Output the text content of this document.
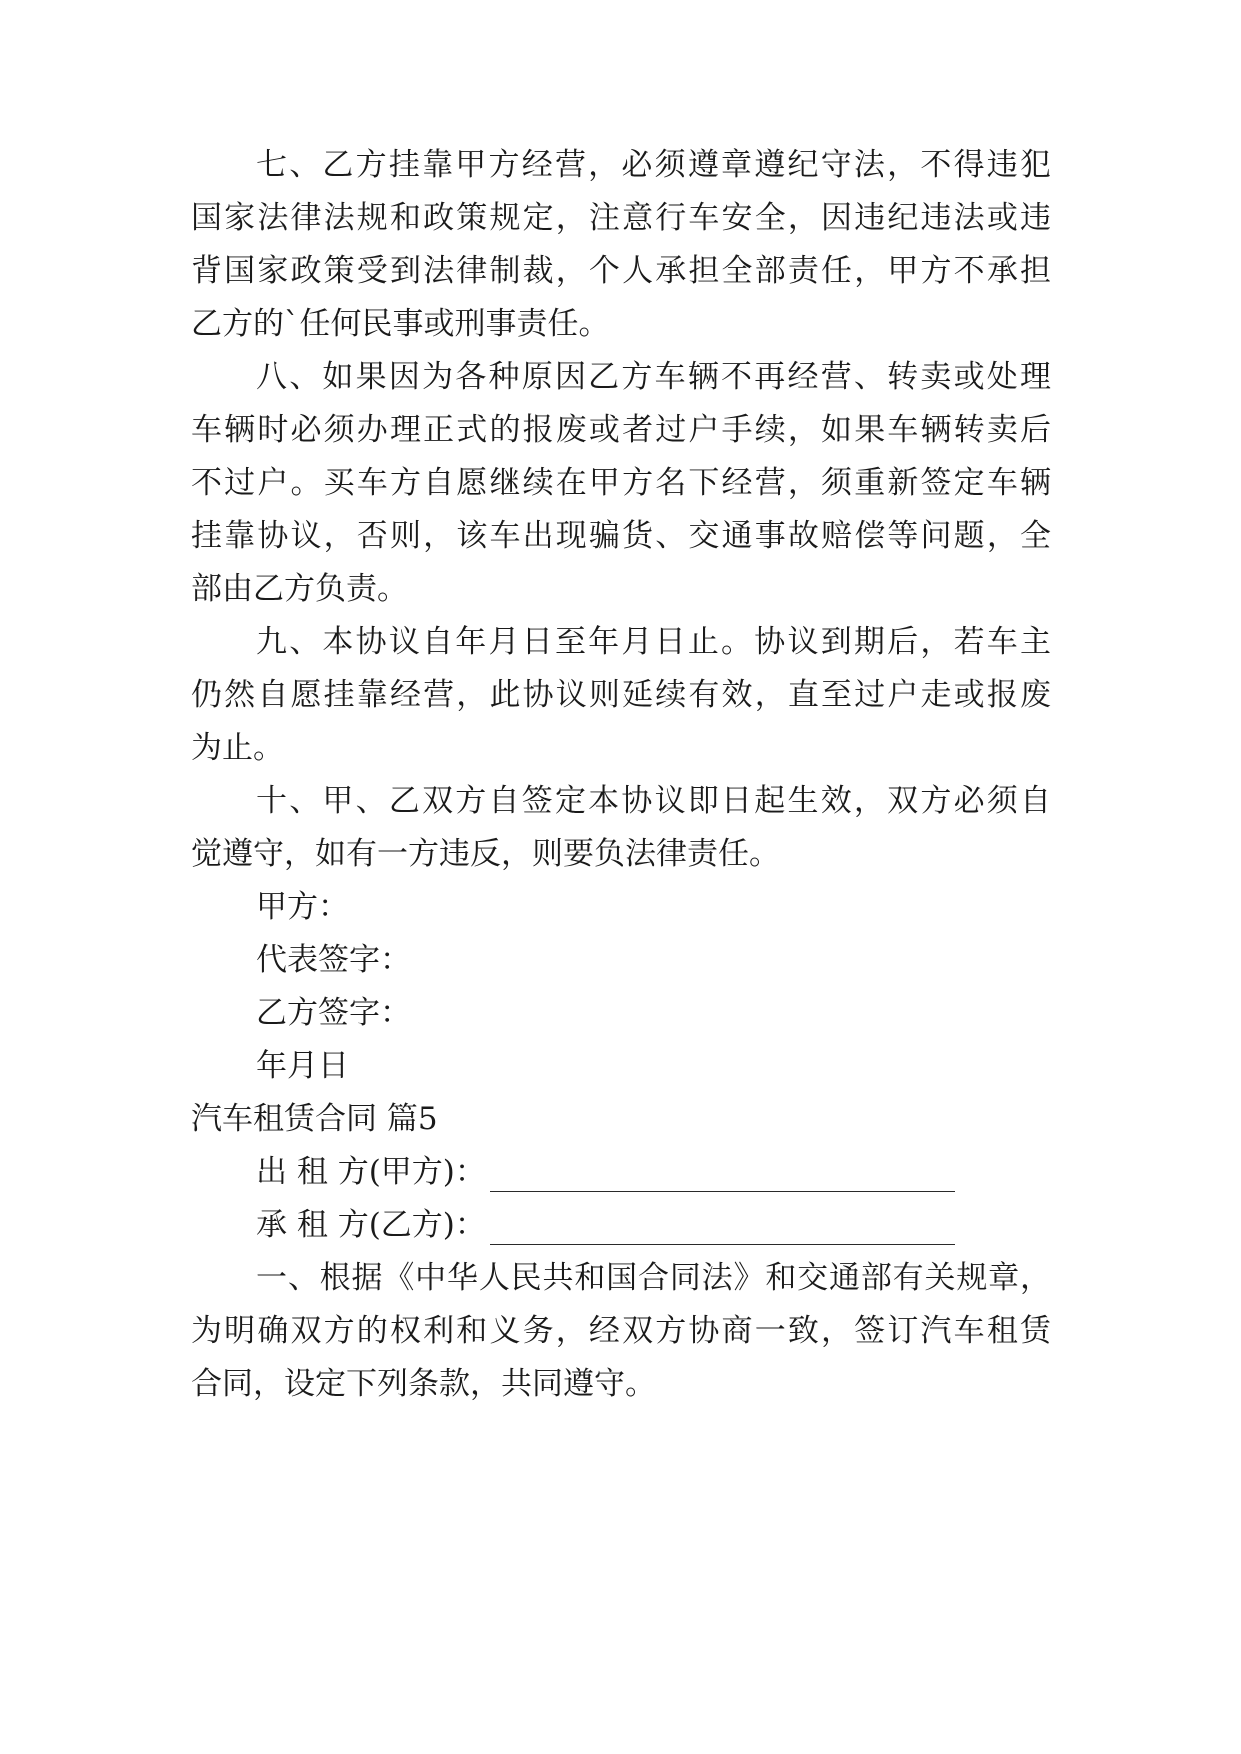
七、乙方挂靠甲方经营，必须遵章遵纪守法，不得违犯
国家法律法规和政策规定，注意行车安全，因违纪违法或违
背国家政策受到法律制裁，个人承担全部责任，甲方不承担
乙方的`任何民事或刑事责任。
八、如果因为各种原因乙方车辆不再经营、转卖或处理
车辆时必须办理正式的报废或者过户手续，如果车辆转卖后
不过户。买车方自愿继续在甲方名下经营，须重新签定车辆
挂靠协议，否则，该车出现骗货、交通事故赔偿等问题，全
部由乙方负责。
九、本协议自年月日至年月日止。协议到期后，若车主
仍然自愿挂靠经营，此协议则延续有效，直至过户走或报废
为止。
十、甲、乙双方自签定本协议即日起生效，双方必须自
觉遵守，如有一方违反，则要负法律责任。
甲方：
代表签字：
乙方签字：
年月日
汽车租赁合同 篇5
出 租 方(甲方)：
承 租 方(乙方)：
一、根据《中华人民共和国合同法》和交通部有关规章，
为明确双方的权利和义务，经双方协商一致，签订汽车租赁
合同，设定下列条款，共同遵守。
